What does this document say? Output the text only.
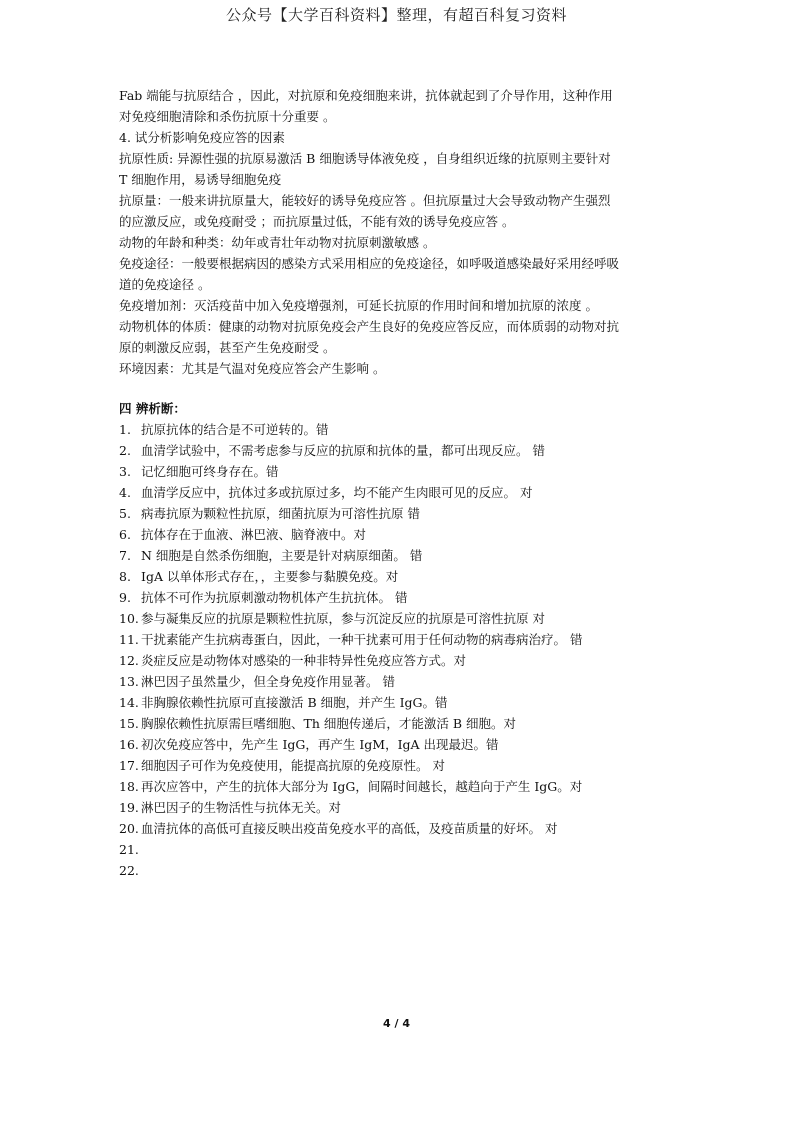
公众号【大学百科资料】整理，有超百科复习资料

Fab 端能与抗原结合 ，因此，对抗原和免疫细胞来讲，抗体就起到了介导作用，这种作用

对免疫细胞清除和杀伤抗原十分重要 。

4. 试分析影响免疫应答的因素

抗原性质: 异源性强的抗原易激活 B 细胞诱导体液免疫 ，自身组织近缘的抗原则主要针对

T 细胞作用，易诱导细胞免疫

抗原量：一般来讲抗原量大，能较好的诱导免疫应答 。但抗原量过大会导致动物产生强烈

的应激反应，或免疫耐受 ；而抗原量过低，不能有效的诱导免疫应答 。

动物的年龄和种类：幼年或青壮年动物对抗原刺激敏感 。

免疫途径：一般要根据病因的感染方式采用相应的免疫途径，如呼吸道感染最好采用经呼吸

道的免疫途径 。

免疫增加剂：灭活疫苗中加入免疫增强剂，可延长抗原的作用时间和增加抗原的浓度 。

动物机体的体质：健康的动物对抗原免疫会产生良好的免疫应答反应，而体质弱的动物对抗

原的刺激反应弱，甚至产生免疫耐受 。

环境因素：尤其是气温对免疫应答会产生影响 。

四 辨析断：
1. 抗原抗体的结合是不可逆转的。错
2. 血清学试验中，不需考虑参与反应的抗原和抗体的量，都可出现反应。 错
3. 记忆细胞可终身存在。错
4. 血清学反应中，抗体过多或抗原过多，均不能产生肉眼可见的反应。 对
5. 病毒抗原为颗粒性抗原，细菌抗原为可溶性抗原 错
6. 抗体存在于血液、淋巴液、脑脊液中。对
7. N 细胞是自然杀伤细胞，主要是针对病原细菌。 错
8. IgA 以单体形式存在，，主要参与黏膜免疫。对
9. 抗体不可作为抗原刺激动物机体产生抗抗体。 错
10. 参与凝集反应的抗原是颗粒性抗原，参与沉淀反应的抗原是可溶性抗原 对
11. 干扰素能产生抗病毒蛋白，因此，一种干扰素可用于任何动物的病毒病治疗。 错
12. 炎症反应是动物体对感染的一种非特异性免疫应答方式。对
13. 淋巴因子虽然量少，但全身免疫作用显著。 错
14. 非胸腺依赖性抗原可直接激活 B 细胞，并产生 IgG。错
15. 胸腺依赖性抗原需巨嗜细胞、Th 细胞传递后，才能激活 B 细胞。对
16. 初次免疫应答中，先产生 IgG，再产生 IgM，IgA 出现最迟。错
17. 细胞因子可作为免疫使用，能提高抗原的免疫原性。 对
18. 再次应答中，产生的抗体大部分为 IgG，间隔时间越长，越趋向于产生 IgG。对
19. 淋巴因子的生物活性与抗体无关。对
20. 血清抗体的高低可直接反映出疫苗免疫水平的高低，及疫苗质量的好坏。 对
21.
22.
4 / 4
